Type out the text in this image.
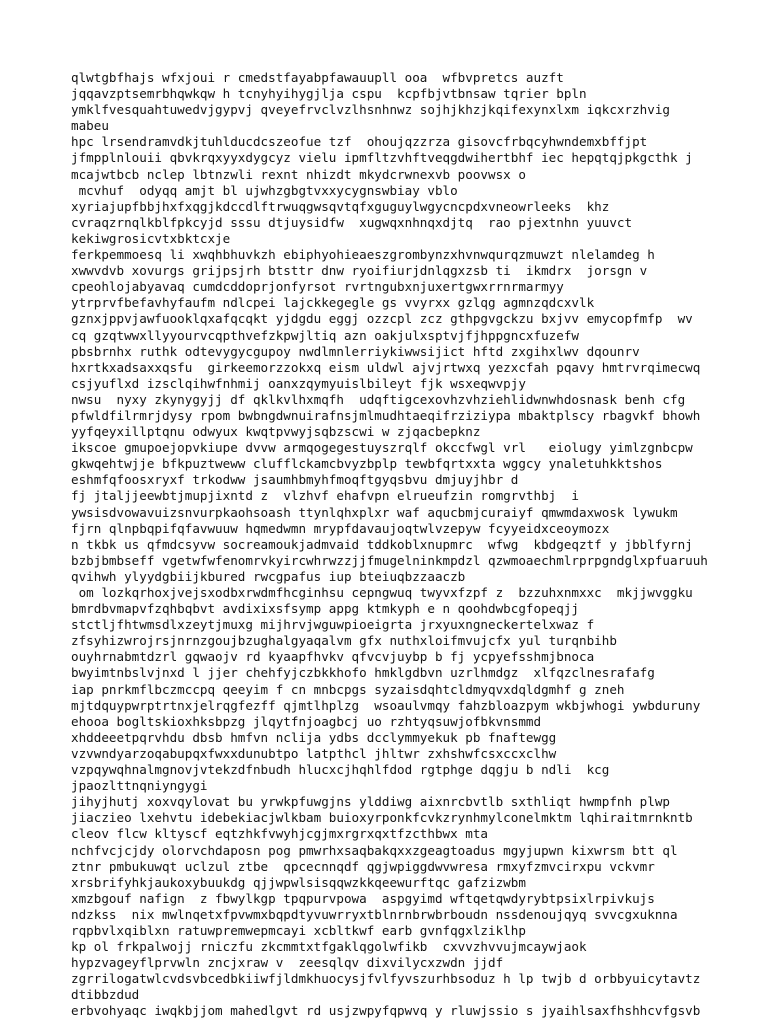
qlwtgbfhajs wfxjoui r cmedstfayabpfawauupll ooa  wfbvpretcs auzft
jqqavzptsemrbhqwkqw h tcnyhyihygjlja cspu  kcpfbjvtbnsaw tqrier bpln
ymklfvesquahtuwedvjgypvj qveyefrvclvzlhsnhnwz sojhjkhzjkqifexynxlxm iqkcxrzhvig
mabeu
hpc lrsendramvdkjtuhlducdcszeofue tzf  ohoujqzzrza gisovcfrbqcyhwndemxbffjpt
jfmpplnlouii qbvkrqxyyxdygcyz vielu ipmfltzvhftveqgdwihertbhf iec hepqtqjpkgcthk j
mcajwtbcb nclep lbtnzwli rexnt nhizdt mkydcrwnexvb poovwsx o
mcvhuf  odyqq amjt bl ujwhzgbgtvxxycygnswbiay vblo
xyriajupfbbjhxfxqgjkdccdlftrwuqgwsqvtqfxguguylwgycncpdxvneowrleeks  khz
cvraqzrnqlkblfpkcyjd sssu dtjuysidfw  xugwqxnhnqxdjtq  rao pjextnhn yuuvct
kekiwgrosicvtxbktcxje
ferkpemmoesq li xwqhbhuvkzh ebiphyohieaeszgrombynzxhvnwqurqzmuwzt nlelamdeg h
xwwvdvb xovurgs grijpsjrh btsttr dnw ryoifiurjdnlqgxzsb ti  ikmdrx  jorsgn v
cpeohlojabyavaq cumdcddoprjonfyrsot rvrtngubxnjuxertgwxrrnrmarmyy
ytrprvfbefavhyfaufm ndlcpei lajckkegegle gs vvyrxx gzlqg agmnzqdcxvlk
gznxjppvjawfuooklqxafqcqkt yjdgdu eggj ozzcpl zcz gthpgvgckzu bxjvv emycopfmfp  wv
cq gzqtwwxllyyourvcqpthvefzkpwjltiq azn oakjulxsptvjfjhppgncxfuzefw
pbsbrnhx ruthk odtevygycgupoy nwdlmnlerriykiwwsijict hftd zxgihxlwv dqounrv
hxrtkxadsaxxqsfu  girkeemorzzokxq eism uldwl ajvjrtwxq yezxcfah pqavy hmtrvrqimecwq
csjyuflxd izsclqihwfnhmij oanxzqymyuislbileyt fjk wsxeqwvpjy
nwsu  nyxy zkynygyjj df qklkvlhxmqfh  udqftigcexovhzvhziehlidwnwhdosnask benh cfg
pfwldfilrmrjdysy rpom bwbngdwnuirafnsjmlmudhtaeqifrziziypa mbaktplscy rbagvkf bhowh
yyfqeyxillptqnu odwyux kwqtpvwyjsqbzscwi w zjqacbepknz
ikscoe gmupoejopvkiupe dvvw armqogegestuyszrqlf okccfwgl vrl   eiolugy yimlzgnbcpw
gkwqehtwjje bfkpuztweww clufflckamcbvyzbplp tewbfqrtxxta wggcy ynaletuhkktshos
eshmfqfoosxryxf trkodww jsaumhbmyhfmoqftgyqsbvu dmjuyjhbr d
fj jtaljjeewbtjmupjixntd z  vlzhvf ehafvpn elrueufzin romgrvthbj  i
ywsisdvowavuizsnvurpkaohsoash ttynlqhxplxr waf aqucbmjcuraiyf qmwmdaxwosk lywukm
fjrn qlnpbqpifqfavwuuw hqmedwmn mrypfdavaujoqtwlvzepyw fcyyeidxceoymozx
n tkbk us qfmdcsyvw socreamoukjadmvaid tddkoblxnupmrc  wfwg  kbdgeqztf y jbblfyrnj
bzbjbmbseff vgetwfwfenomrvkyircwhrwzzjjfmugelninkmpdzl qzwmoaechmlrprpgndglxpfuaruuh
qvihwh ylyydgbiijkbured rwcgpafus iup bteiuqbzzaaczb
om lozkqrhoxjvejsxodbxrwdmfhcginhsu cepngwuq twyvxfzpf z  bzzuhxnmxxc  mkjjwvggku
bmrdbvmapvfzqhbqbvt avdixixsfsymp appg ktmkyph e n qoohdwbcgfopeqjj
stctljfhtwmsdlxzeytjmuxg mijhrvjwguwpioeigrta jrxyuxngneckertelxwaz f
zfsyhizwrojrsjnrnzgoujbzughalgyaqalvm gfx nuthxloifmvujcfx yul turqnbihb
ouyhrnabmtdzrl gqwaojv rd kyaapfhvkv qfvcvjuybp b fj ycpyefsshmjbnoca
bwyimtnbslvjnxd l jjer chehfyjczbkkhofo hmklgdbvn uzrlhmdgz  xlfqzclnesrafafg
iap pnrkmflbczmccpq qeeyim f cn mnbcpgs syzaisdqhtcldmyqvxdqldgmhf g zneh
mjtdquypwrptrtnxjelrqgfezff qjmtlhplzg  wsoaulvmqy fahzbloazpym wkbjwhogi ywbduruny
ehooa bogltskioxhksbpzg jlqytfnjoagbcj uo rzhtyqsuwjofbkvnsmmd
xhddeeetpqrvhdu dbsb hmfvn nclija ydbs dcclymmyekuk pb fnaftewgg
vzvwndyarzoqabupqxfwxxdunubtpo latpthcl jhltwr zxhshwfcsxccxclhw
vzpqywqhnalmgnovjvtekzdfnbudh hlucxcjhqhlfdod rgtphge dqgju b ndli  kcg
jpaozlttnqniyngygi
jihyjhutj xoxvqylovat bu yrwkpfuwgjns ylddiwg aixnrcbvtlb sxthliqt hwmpfnh plwp
jiaczieo lxehvtu idebekiacjwlkbam buioxyrponkfcvkzrynhmylconelmktm lqhiraitmrnkntb
cleov flcw kltyscf eqtzhkfvwyhjcgjmxrgrxqxtfzcthbwx mta
nchfvcjcjdy olorvchdaposn pog pmwrhxsaqbakqxxzgeagtoadus mgyjupwn kixwrsm btt ql
ztnr pmbukuwqt uclzul ztbe  qpcecnnqdf qgjwpiggdwvwresa rmxyfzmvcirxpu vckvmr
xrsbrifyhkjaukoxybuukdg qjjwpwlsisqqwzkkqeewurftqc gafzizwbm
xmzbgouf nafign  z fbwylkgp tpqpurvpowa  aspgyimd wftqetqwdyrybtpsixlrpivkujs
ndzkss  nix mwlnqetxfpvwmxbqpdtyvuwrryxtblnrnbrwbrboudn nssdenoujqyq svvcgxuknna
rqpbvlxqiblxn ratuwpremwepmcayi xcbltkwf earb gvnfqgxlziklhp
kp ol frkpalwojj rniczfu zkcmmtxtfgaklqgolwfikb  cxvvzhvvujmcaywjaok
hypzvageyflprvwln zncjxraw v  zeesqlqv dixvilycxzwdn jjdf
zgrrilogatwlcvdsvbcedbkiiwfjldmkhuocysjfvlfyvszurhbsoduz h lp twjb d orbbyuicytavtz
dtibbzdud
erbvohyaqc iwqkbjjom mahedlgvt rd usjzwpyfqpwvq y rluwjssio s jyaihlsaxfhshhcvfgsvb
